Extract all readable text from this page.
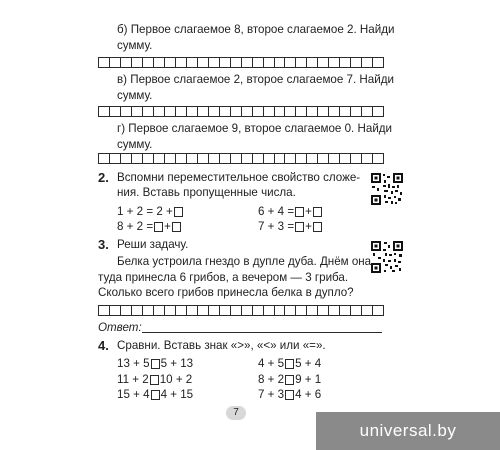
б) Первое слагаемое 8, второе слагаемое 2. Найди
сумму.
в) Первое слагаемое 2, второе слагаемое 7. Найди
сумму.
г) Первое слагаемое 9, второе слагаемое 0. Найди
сумму.
2. Вспомни переместительное свойство сложе-
ния. Вставь пропущенные числа.
1 + 2 = 2 +
8 + 2 = +
6 + 4 = +
7 + 3 = +
3. Реши задачу.
Белка устроила гнездо в дупле дуба. Днём она
туда принесла 6 грибов, а вечером — 3 гриба.
Сколько всего грибов принесла белка в дупло?
Ответ:
4. Сравни. Вставь знак «>», «<» или «=».
13 + 5 5 + 13
11 + 2 10 + 2
15 + 4 4 + 15
4 + 5 5 + 4
8 + 2 9 + 1
7 + 3 4 + 6
7
universal.by
